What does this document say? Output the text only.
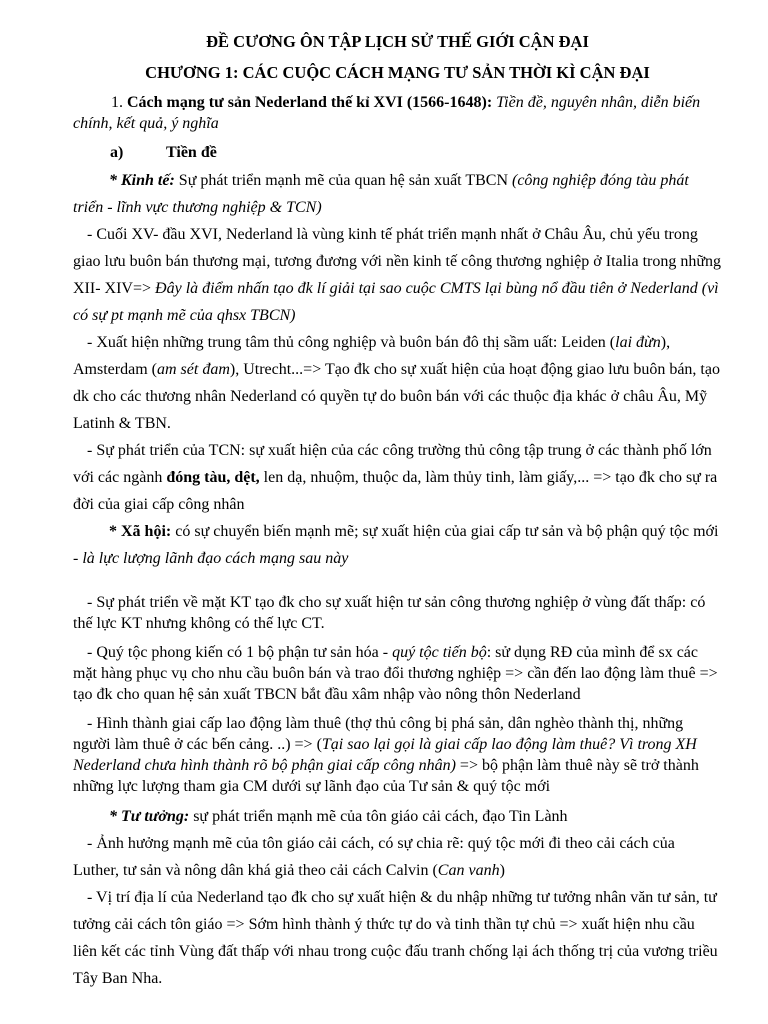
ĐỀ CƯƠNG ÔN TẬP LỊCH SỬ THẾ GIỚI CẬN ĐẠI

CHƯƠNG 1: CÁC CUỘC CÁCH MẠNG TƯ SẢN THỜI KÌ CẬN ĐẠI

1. Cách mạng tư sản Nederland thế kỉ XVI (1566-1648): Tiền đề, nguyên nhân, diễn biến chính, kết quả, ý nghĩa

a)	Tiền đề

* Kinh tế: Sự phát triển mạnh mẽ của quan hệ sản xuất TBCN (công nghiệp đóng tàu phát triển - lĩnh vực thương nghiệp & TCN)

- Cuối XV- đầu XVI, Nederland là vùng kinh tế phát triển mạnh nhất ở Châu Âu, chủ yếu trong giao lưu buôn bán thương mại, tương đương với nền kinh tế công thương nghiệp ở Italia trong những XII- XIV=> Đây là điểm nhấn tạo đk lí giải tại sao cuộc CMTS lại bùng nổ đầu tiên ở Nederland (vì có sự pt mạnh mẽ của qhsx TBCN)

- Xuất hiện những trung tâm thủ công nghiệp và buôn bán đô thị sầm uất: Leiden (lai đừn), Amsterdam (am sét đam), Utrecht...=> Tạo đk cho sự xuất hiện của hoạt động giao lưu buôn bán, tạo dk cho các thương nhân Nederland có quyền tự do buôn bán với các thuộc địa khác ở châu Âu, Mỹ Latinh & TBN.

- Sự phát triển của TCN: sự xuất hiện của các công trường thủ công tập trung ở các thành phố lớn với các ngành đóng tàu, dệt, len dạ, nhuộm, thuộc da, làm thủy tinh, làm giấy,... => tạo đk cho sự ra đời của giai cấp công nhân

* Xã hội: có sự chuyển biến mạnh mẽ; sự xuất hiện của giai cấp tư sản và bộ phận quý tộc mới - là lực lượng lãnh đạo cách mạng sau này

- Sự phát triển về mặt KT tạo đk cho sự xuất hiện tư sản công thương nghiệp ở vùng đất thấp: có thế lực KT nhưng không có thế lực CT.

- Quý tộc phong kiến có 1 bộ phận tư sản hóa - quý tộc tiến bộ: sử dụng RĐ của mình để sx các mặt hàng phục vụ cho nhu cầu buôn bán và trao đổi thương nghiệp => cần đến lao động làm thuê => tạo đk cho quan hệ sản xuất TBCN bắt đầu xâm nhập vào nông thôn Nederland

- Hình thành giai cấp lao động làm thuê (thợ thủ công bị phá sản, dân nghèo thành thị, những người làm thuê ở các bến cảng. ..) => (Tại sao lại gọi là giai cấp lao động làm thuê? Vì trong XH Nederland chưa hình thành rõ bộ phận giai cấp công nhân) => bộ phận làm thuê này sẽ trở thành những lực lượng tham gia CM dưới sự lãnh đạo của Tư sản & quý tộc mới

* Tư tưởng: sự phát triển mạnh mẽ của tôn giáo cải cách, đạo Tin Lành

- Ảnh hưởng mạnh mẽ của tôn giáo cải cách, có sự chia rẽ: quý tộc mới đi theo cải cách của Luther, tư sản và nông dân khá giả theo cải cách Calvin (Can vanh)

- Vị trí địa lí của Nederland tạo đk cho sự xuất hiện & du nhập những tư tưởng nhân văn tư sản, tư tưởng cải cách tôn giáo => Sớm hình thành ý thức tự do và tinh thần tự chủ => xuất hiện nhu cầu liên kết các tỉnh Vùng đất thấp với nhau trong cuộc đấu tranh chống lại ách thống trị của vương triều Tây Ban Nha.
